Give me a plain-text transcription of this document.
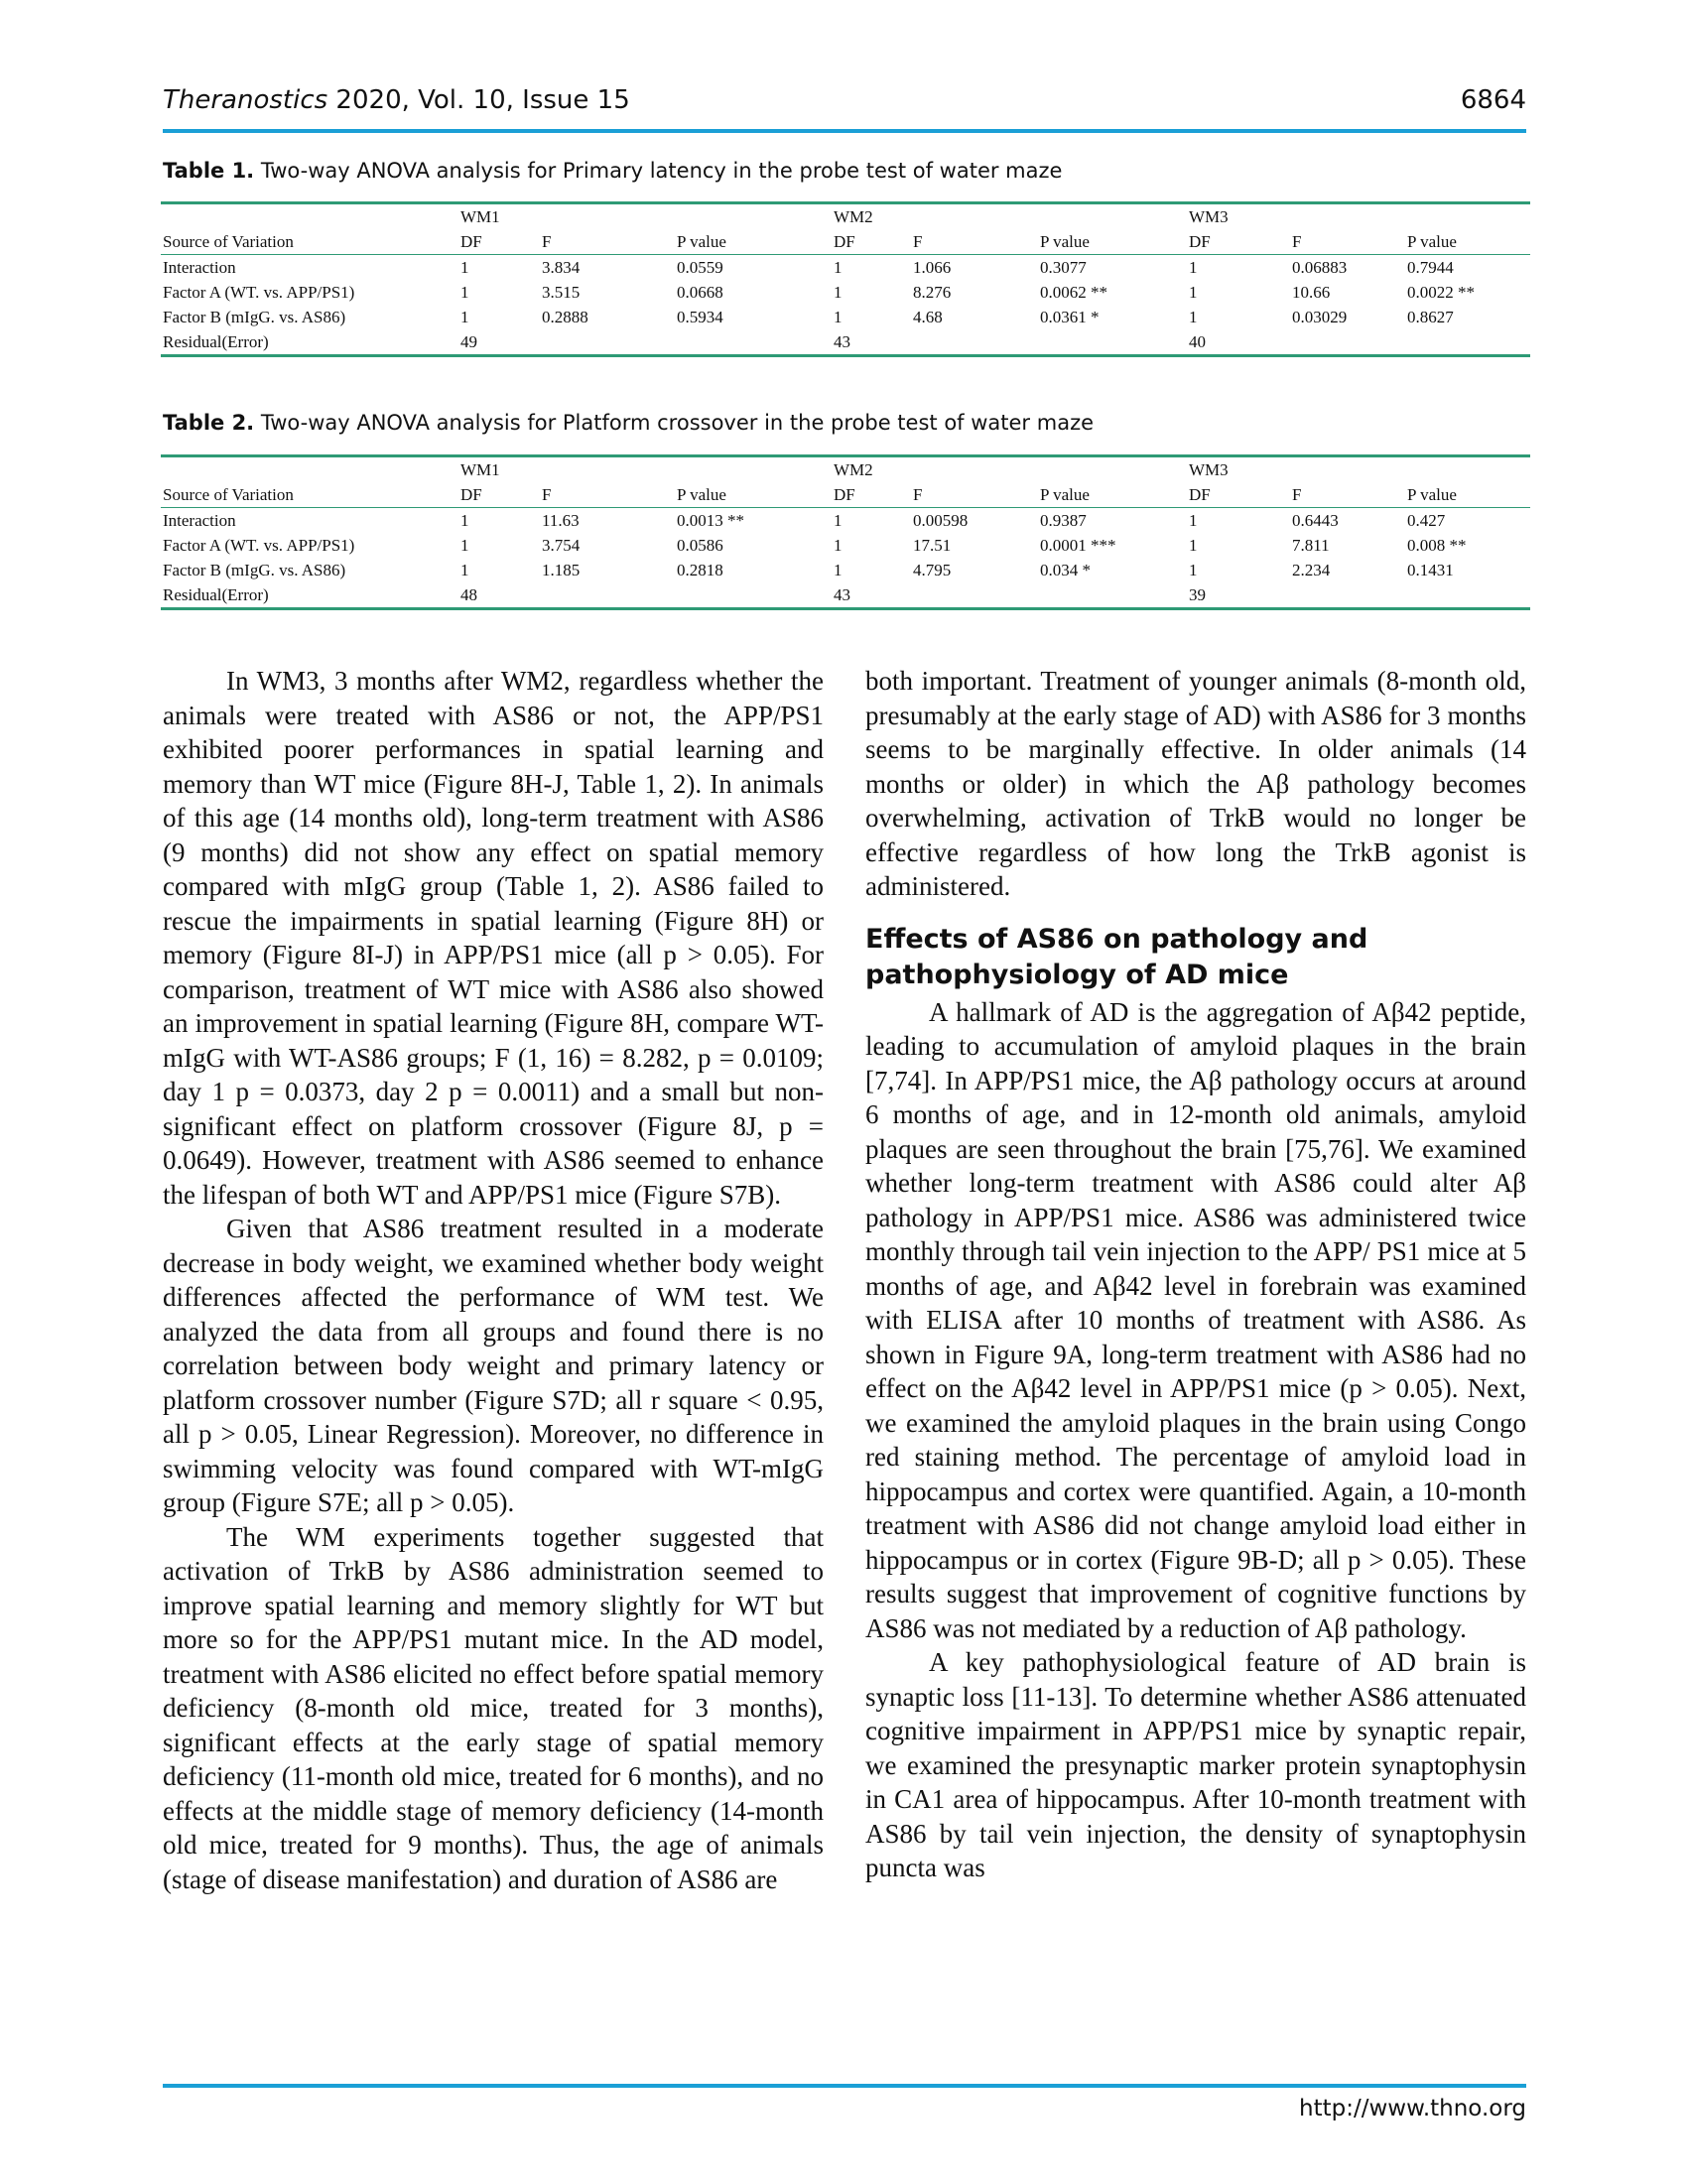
Theranostics 2020, Vol. 10, Issue 15	6864
Table 1. Two-way ANOVA analysis for Primary latency in the probe test of water maze
	WM1			WM2			WM3		
Source of Variation	DF	F	P value	DF	F	P value	DF	F	P value
Interaction	1	3.834	0.0559	1	1.066	0.3077	1	0.06883	0.7944
Factor A (WT. vs. APP/PS1)	1	3.515	0.0668	1	8.276	0.0062 **	1	10.66	0.0022 **
Factor B (mIgG. vs. AS86)	1	0.2888	0.5934	1	4.68	0.0361 *	1	0.03029	0.8627
Residual(Error)	49			43			40		
Table 2. Two-way ANOVA analysis for Platform crossover in the probe test of water maze
	WM1			WM2			WM3		
Source of Variation	DF	F	P value	DF	F	P value	DF	F	P value
Interaction	1	11.63	0.0013 **	1	0.00598	0.9387	1	0.6443	0.427
Factor A (WT. vs. APP/PS1)	1	3.754	0.0586	1	17.51	0.0001 ***	1	7.811	0.008 **
Factor B (mIgG. vs. AS86)	1	1.185	0.2818	1	4.795	0.034 *	1	2.234	0.1431
Residual(Error)	48			43			39		

In WM3, 3 months after WM2, regardless whether the animals were treated with AS86 or not, the APP/PS1 exhibited poorer performances in spatial learning and memory than WT mice (Figure 8H-J, Table 1, 2). In animals of this age (14 months old), long-term treatment with AS86 (9 months) did not show any effect on spatial memory compared with mIgG group (Table 1, 2). AS86 failed to rescue the impairments in spatial learning (Figure 8H) or memory (Figure 8I-J) in APP/PS1 mice (all p > 0.05). For comparison, treatment of WT mice with AS86 also showed an improvement in spatial learning (Figure 8H, compare WT-mIgG with WT-AS86 groups; F (1, 16) = 8.282, p = 0.0109; day 1 p = 0.0373, day 2 p = 0.0011) and a small but non-significant effect on platform crossover (Figure 8J, p = 0.0649). However, treatment with AS86 seemed to enhance the lifespan of both WT and APP/PS1 mice (Figure S7B).

Given that AS86 treatment resulted in a moderate decrease in body weight, we examined whether body weight differences affected the performance of WM test. We analyzed the data from all groups and found there is no correlation between body weight and primary latency or platform crossover number (Figure S7D; all r square < 0.95, all p > 0.05, Linear Regression). Moreover, no difference in swimming velocity was found compared with WT-mIgG group (Figure S7E; all p > 0.05).

The WM experiments together suggested that activation of TrkB by AS86 administration seemed to improve spatial learning and memory slightly for WT but more so for the APP/PS1 mutant mice. In the AD model, treatment with AS86 elicited no effect before spatial memory deficiency (8-month old mice, treated for 3 months), significant effects at the early stage of spatial memory deficiency (11-month old mice, treated for 6 months), and no effects at the middle stage of memory deficiency (14-month old mice, treated for 9 months). Thus, the age of animals (stage of disease manifestation) and duration of AS86 are

both important. Treatment of younger animals (8-month old, presumably at the early stage of AD) with AS86 for 3 months seems to be marginally effective. In older animals (14 months or older) in which the Aβ pathology becomes overwhelming, activation of TrkB would no longer be effective regardless of how long the TrkB agonist is administered.

Effects of AS86 on pathology and pathophysiology of AD mice

A hallmark of AD is the aggregation of Aβ42 peptide, leading to accumulation of amyloid plaques in the brain [7,74]. In APP/PS1 mice, the Aβ pathology occurs at around 6 months of age, and in 12-month old animals, amyloid plaques are seen throughout the brain [75,76]. We examined whether long-term treatment with AS86 could alter Aβ pathology in APP/PS1 mice. AS86 was administered twice monthly through tail vein injection to the APP/ PS1 mice at 5 months of age, and Aβ42 level in forebrain was examined with ELISA after 10 months of treatment with AS86. As shown in Figure 9A, long-term treatment with AS86 had no effect on the Aβ42 level in APP/PS1 mice (p > 0.05). Next, we examined the amyloid plaques in the brain using Congo red staining method. The percentage of amyloid load in hippocampus and cortex were quantified. Again, a 10-month treatment with AS86 did not change amyloid load either in hippocampus or in cortex (Figure 9B-D; all p > 0.05). These results suggest that improvement of cognitive functions by AS86 was not mediated by a reduction of Aβ pathology.

A key pathophysiological feature of AD brain is synaptic loss [11-13]. To determine whether AS86 attenuated cognitive impairment in APP/PS1 mice by synaptic repair, we examined the presynaptic marker protein synaptophysin in CA1 area of hippocampus. After 10-month treatment with AS86 by tail vein injection, the density of synaptophysin puncta was

http://www.thno.org
